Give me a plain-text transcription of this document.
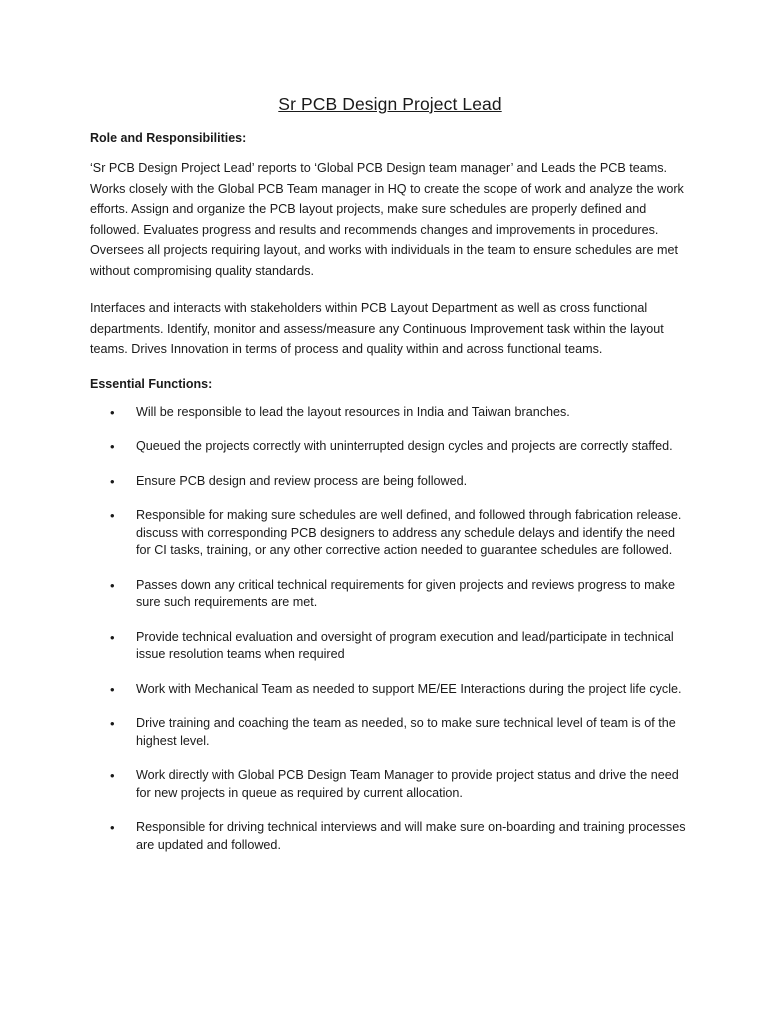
Sr PCB Design Project Lead
Role and Responsibilities:

‘Sr PCB Design Project Lead’ reports to ‘Global PCB Design team manager’ and Leads the PCB teams. Works closely with the Global PCB Team manager in HQ to create the scope of work and analyze the work efforts. Assign and organize the PCB layout projects, make sure schedules are properly defined and followed. Evaluates progress and results and recommends changes and improvements in procedures. Oversees all projects requiring layout, and works with individuals in the team to ensure schedules are met without compromising quality standards.

Interfaces and interacts with stakeholders within PCB Layout Department as well as cross functional departments. Identify, monitor and assess/measure any Continuous Improvement task within the layout teams. Drives Innovation in terms of process and quality within and across functional teams.

Essential Functions:
• Will be responsible to lead the layout resources in India and Taiwan branches.
• Queued the projects correctly with uninterrupted design cycles and projects are correctly staffed.
• Ensure PCB design and review process are being followed.
• Responsible for making sure schedules are well defined, and followed through fabrication release. discuss with corresponding PCB designers to address any schedule delays and identify the need for CI tasks, training, or any other corrective action needed to guarantee schedules are followed.
• Passes down any critical technical requirements for given projects and reviews progress to make sure such requirements are met.
• Provide technical evaluation and oversight of program execution and lead/participate in technical issue resolution teams when required
• Work with Mechanical Team as needed to support ME/EE Interactions during the project life cycle.
• Drive training and coaching the team as needed, so to make sure technical level of team is of the highest level.
• Work directly with Global PCB Design Team Manager to provide project status and drive the need for new projects in queue as required by current allocation.
• Responsible for driving technical interviews and will make sure on-boarding and training processes are updated and followed.
